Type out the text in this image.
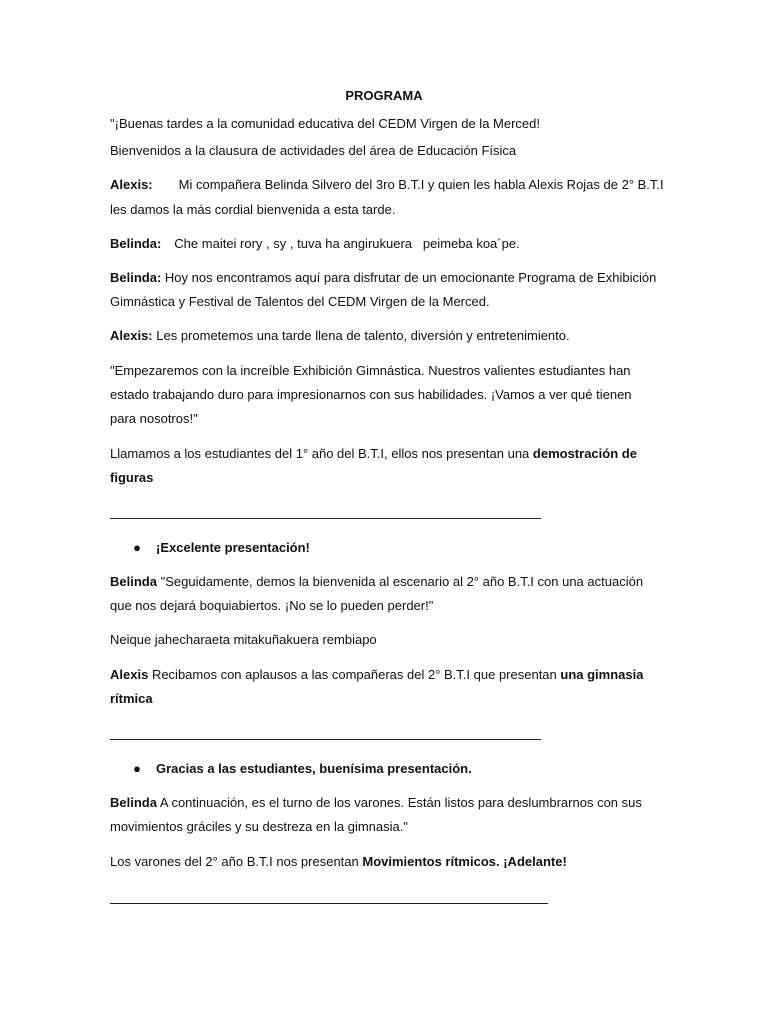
PROGRAMA
"¡Buenas tardes a la comunidad educativa del CEDM Virgen de la Merced!
Bienvenidos a la clausura de actividades del área de Educación Física
Alexis: Mi compañera Belinda Silvero del 3ro B.T.I y quien les habla Alexis Rojas de 2° B.T.I
les damos la más cordial bienvenida a esta tarde.
Belinda: Che maitei rory , sy , tuva ha angirukuera   peimeba koa´pe.
Belinda: Hoy nos encontramos aquí para disfrutar de un emocionante Programa de Exhibición
Gimnástica y Festival de Talentos del CEDM Virgen de la Merced.
Alexis: Les prometemos una tarde llena de talento, diversión y entretenimiento.
"Empezaremos con la increíble Exhibición Gimnástica. Nuestros valientes estudiantes han
estado trabajando duro para impresionarnos con sus habilidades. ¡Vamos a ver qué tienen
para nosotros!"
Llamamos a los estudiantes del 1° año del B.T.I, ellos nos presentan una demostración de
figuras
● ¡Excelente presentación!
Belinda "Seguidamente, demos la bienvenida al escenario al 2° año B.T.I con una actuación
que nos dejará boquiabiertos. ¡No se lo pueden perder!"
Neique jahecharaeta mitakuñakuera rembiapo
Alexis Recibamos con aplausos a las compañeras del 2° B.T.I que presentan una gimnasia
rítmica
● Gracias a las estudiantes, buenísima presentación.
Belinda A continuación, es el turno de los varones. Están listos para deslumbrarnos con sus
movimientos gráciles y su destreza en la gimnasia."
Los varones del 2° año B.T.I nos presentan Movimientos rítmicos. ¡Adelante!
